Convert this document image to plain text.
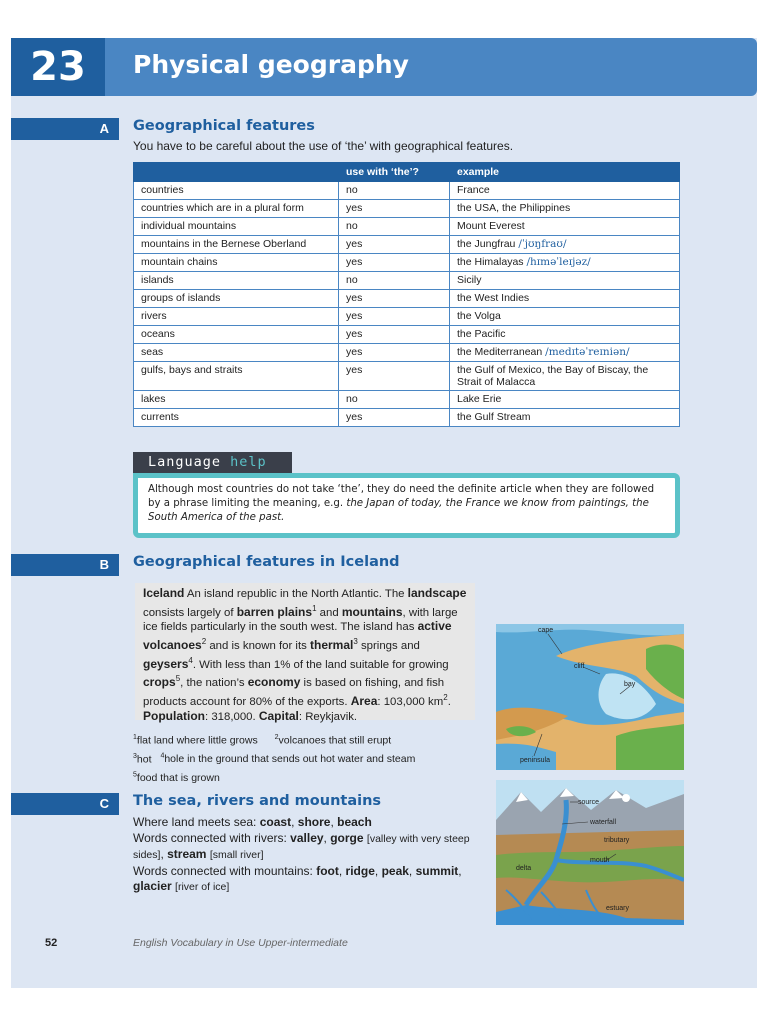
23	Physical geography
A	Geographical features
You have to be careful about the use of ‘the’ with geographical features.
	use with ‘the’?	example
countries	no	France
countries which are in a plural form	yes	the USA, the Philippines
individual mountains	no	Mount Everest
mountains in the Bernese Oberland	yes	the Jungfrau /ˈjʊŋfraʊ/
mountain chains	yes	the Himalayas /hɪməˈleɪjəz/
islands	no	Sicily
groups of islands	yes	the West Indies
rivers	yes	the Volga
oceans	yes	the Pacific
seas	yes	the Mediterranean /medɪtəˈreɪniən/
gulfs, bays and straits	yes	the Gulf of Mexico, the Bay of Biscay, the Strait of Malacca
lakes	no	Lake Erie
currents	yes	the Gulf Stream
Language help
Although most countries do not take ‘the’, they do need the definite article when they are followed by a phrase limiting the meaning, e.g. the Japan of today, the France we know from paintings, the South America of the past.
B	Geographical features in Iceland
Iceland An island republic in the North Atlantic. The landscape consists largely of barren plains$^1$ and mountains, with large ice fields particularly in the south west. The island has active volcanoes$^2$ and is known for its thermal$^3$ springs and geysers$^4$. With less than 1% of the land suitable for growing crops$^5$, the nation’s economy is based on fishing, and fish products account for 80% of the exports. Area: 103,000 $km^2$. Population: 318,000. Capital: Reykjavik.
$^1$flat land where little grows $^2$volcanoes that still erupt
$^3$hot $^4$hole in the ground that sends out hot water and steam $^5$food that is grown
cape
cliff
bay
peninsula
C	The sea, rivers and mountains
Where land meets sea: coast, shore, beach
Words connected with rivers: valley, gorge [valley with very steep sides], stream [small river]
Words connected with mountains: foot, ridge, peak, summit, glacier [river of ice]
source
waterfall
tributary
mouth
delta
estuary
52	English Vocabulary in Use Upper-intermediate
